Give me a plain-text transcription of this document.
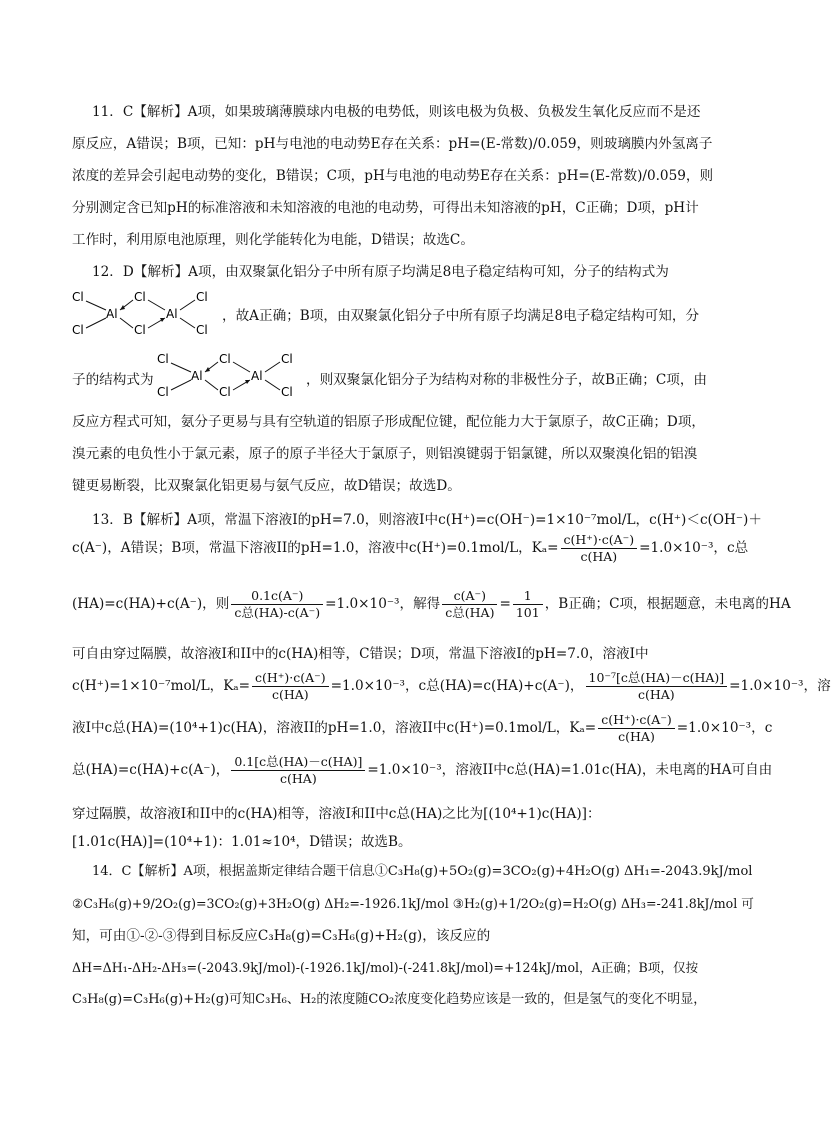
11．C【解析】A项，如果玻璃薄膜球内电极的电势低，则该电极为负极、负极发生氧化反应而不是还
原反应，A错误；B项，已知：pH与电池的电动势E存在关系：pH=(E-常数)/0.059，则玻璃膜内外氢离子
浓度的差异会引起电动势的变化，B错误；C项，pH与电池的电动势E存在关系：pH=(E-常数)/0.059，则
分别测定含已知pH的标准溶液和未知溶液的电池的电动势，可得出未知溶液的pH，C正确；D项，pH计
工作时，利用原电池原理，则化学能转化为电能，D错误；故选C。
12．D【解析】A项，由双聚氯化铝分子中所有原子均满足8电子稳定结构可知，分子的结构式为
Cl
Cl
Al
Cl
Cl
Al
Cl
Cl
，故A正确；B项，由双聚氯化铝分子中所有原子均满足8电子稳定结构可知，分
子的结构式为
Cl
Cl
Al
Cl
Cl
Al
Cl
Cl
，则双聚氯化铝分子为结构对称的非极性分子，故B正确；C项，由
反应方程式可知，氨分子更易与具有空轨道的铝原子形成配位键，配位能力大于氯原子，故C正确；D项，
溴元素的电负性小于氯元素，原子的原子半径大于氯原子，则铝溴键弱于铝氯键，所以双聚溴化铝的铝溴
键更易断裂，比双聚氯化铝更易与氨气反应，故D错误；故选D。
13．B【解析】A项，常温下溶液I的pH=7.0，则溶液I中c(H⁺)=c(OH⁻)=1×10⁻⁷mol/L，c(H⁺)＜c(OH⁻)＋
c(A⁻)，A错误；B项，常温下溶液II的pH=1.0，溶液中c(H⁺)=0.1mol/L，$K_a= \frac{c(H^+)\cdot c(A^-)}{c(HA)} =1.0\times 10^{-3}$，c总
(HA)=c(HA)+c(A⁻)，则 $\frac{0.1c(A^-)}{\text{c总(HA)-c(A⁻)}} =1.0\times 10^{-3}$，解得 $\frac{c(A^-)}{\text{c总(HA)}} = \frac{1}{101}$ ，B正确；C项，根据题意，未电离的HA
可自由穿过隔膜，故溶液I和II中的c(HA)相等，C错误；D项，常温下溶液I的pH=7.0，溶液I中
c(H⁺)=1×10⁻⁷mol/L，$K_a= \frac{c(H^+)\cdot c(A^-)}{c(HA)} =1.0\times 10^{-3}$，c总(HA)=c(HA)+c(A⁻)， $\frac{\text{10⁻⁷[c总(HA)－c(HA)]}}{c(HA)} =1.0\times 10^{-3}$，溶
液I中c总(HA)=(10⁴+1)c(HA)，溶液II的pH=1.0，溶液II中c(H⁺)=0.1mol/L，$K_a= \frac{c(H^+)\cdot c(A^-)}{c(HA)} =1.0\times 10^{-3}$，c
总(HA)=c(HA)+c(A⁻)， $\frac{\text{0.1[c总(HA)－c(HA)]}}{c(HA)} =1.0\times 10^{-3}$，溶液II中c总(HA)=1.01c(HA)，未电离的HA可自由
穿过隔膜，故溶液I和II中的c(HA)相等，溶液I和II中c总(HA)之比为[(10⁴+1)c(HA)]：
[1.01c(HA)]=(10⁴+1)：1.01≈10⁴，D错误；故选B。
14．C【解析】A项，根据盖斯定律结合题干信息①C₃H₈(g)+5O₂(g)=3CO₂(g)+4H₂O(g) ΔH₁=-2043.9kJ/mol
②C₃H₆(g)+9/2O₂(g)=3CO₂(g)+3H₂O(g) ΔH₂=-1926.1kJ/mol ③H₂(g)+1/2O₂(g)=H₂O(g) ΔH₃=-241.8kJ/mol 可
知，可由①-②-③得到目标反应C₃H₈(g)=C₃H₆(g)+H₂(g)，该反应的
ΔH=ΔH₁-ΔH₂-ΔH₃=(-2043.9kJ/mol)-(-1926.1kJ/mol)-(-241.8kJ/mol)=+124kJ/mol，A正确；B项，仅按
C₃H₈(g)=C₃H₆(g)+H₂(g)可知C₃H₆、H₂的浓度随CO₂浓度变化趋势应该是一致的，但是氢气的变化不明显，
